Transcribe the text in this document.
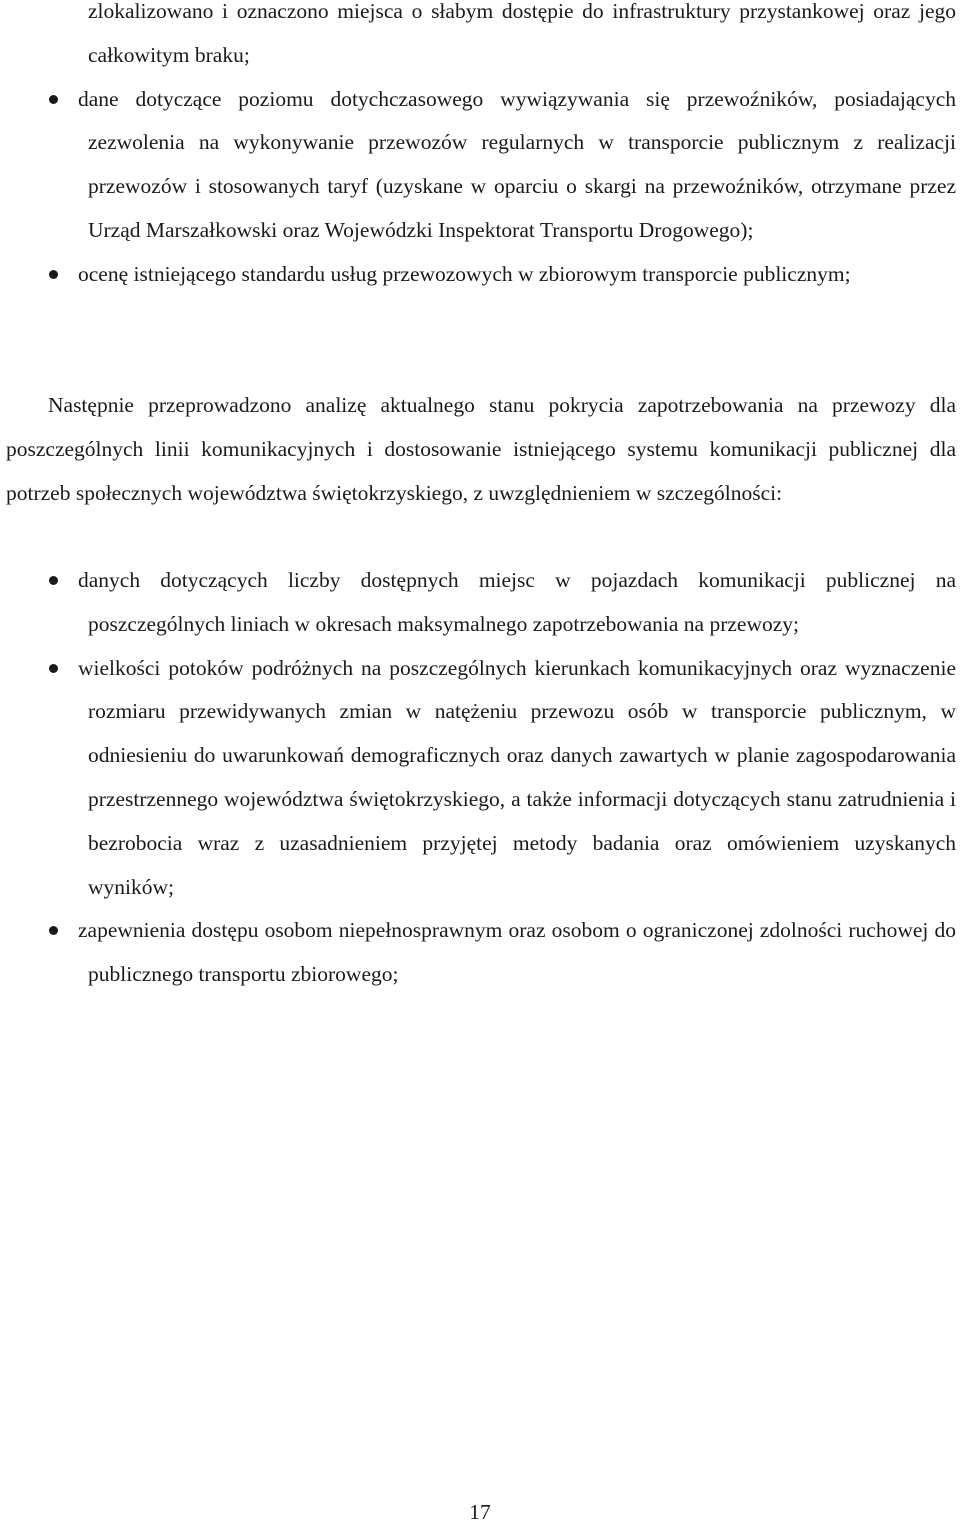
zlokalizowano i oznaczono miejsca o słabym dostępie do infrastruktury przystankowej oraz jego całkowitym braku;
dane dotyczące poziomu dotychczasowego wywiązywania się przewoźników, posiadających zezwolenia na wykonywanie przewozów regularnych w transporcie publicznym z realizacji przewozów i stosowanych taryf (uzyskane w oparciu o skargi na przewoźników, otrzymane przez Urząd Marszałkowski oraz Wojewódzki Inspektorat Transportu Drogowego);
ocenę istniejącego standardu usług przewozowych w zbiorowym transporcie publicznym;
Następnie przeprowadzono analizę aktualnego stanu pokrycia zapotrzebowania na przewozy dla poszczególnych linii komunikacyjnych i dostosowanie istniejącego systemu komunikacji publicznej dla potrzeb społecznych województwa świętokrzyskiego, z uwzględnieniem w szczególności:
danych dotyczących liczby dostępnych miejsc w pojazdach komunikacji publicznej na poszczególnych liniach w okresach maksymalnego zapotrzebowania na przewozy;
wielkości potoków podróżnych na poszczególnych kierunkach komunikacyjnych oraz wyznaczenie rozmiaru przewidywanych zmian w natężeniu przewozu osób w transporcie publicznym, w odniesieniu do uwarunkowań demograficznych oraz danych zawartych w planie zagospodarowania przestrzennego województwa świętokrzyskiego, a także informacji dotyczących stanu zatrudnienia i bezrobocia wraz z uzasadnieniem przyjętej metody badania oraz omówieniem uzyskanych wyników;
zapewnienia dostępu osobom niepełnosprawnym oraz osobom o ograniczonej zdolności ruchowej do publicznego transportu zbiorowego;
17
